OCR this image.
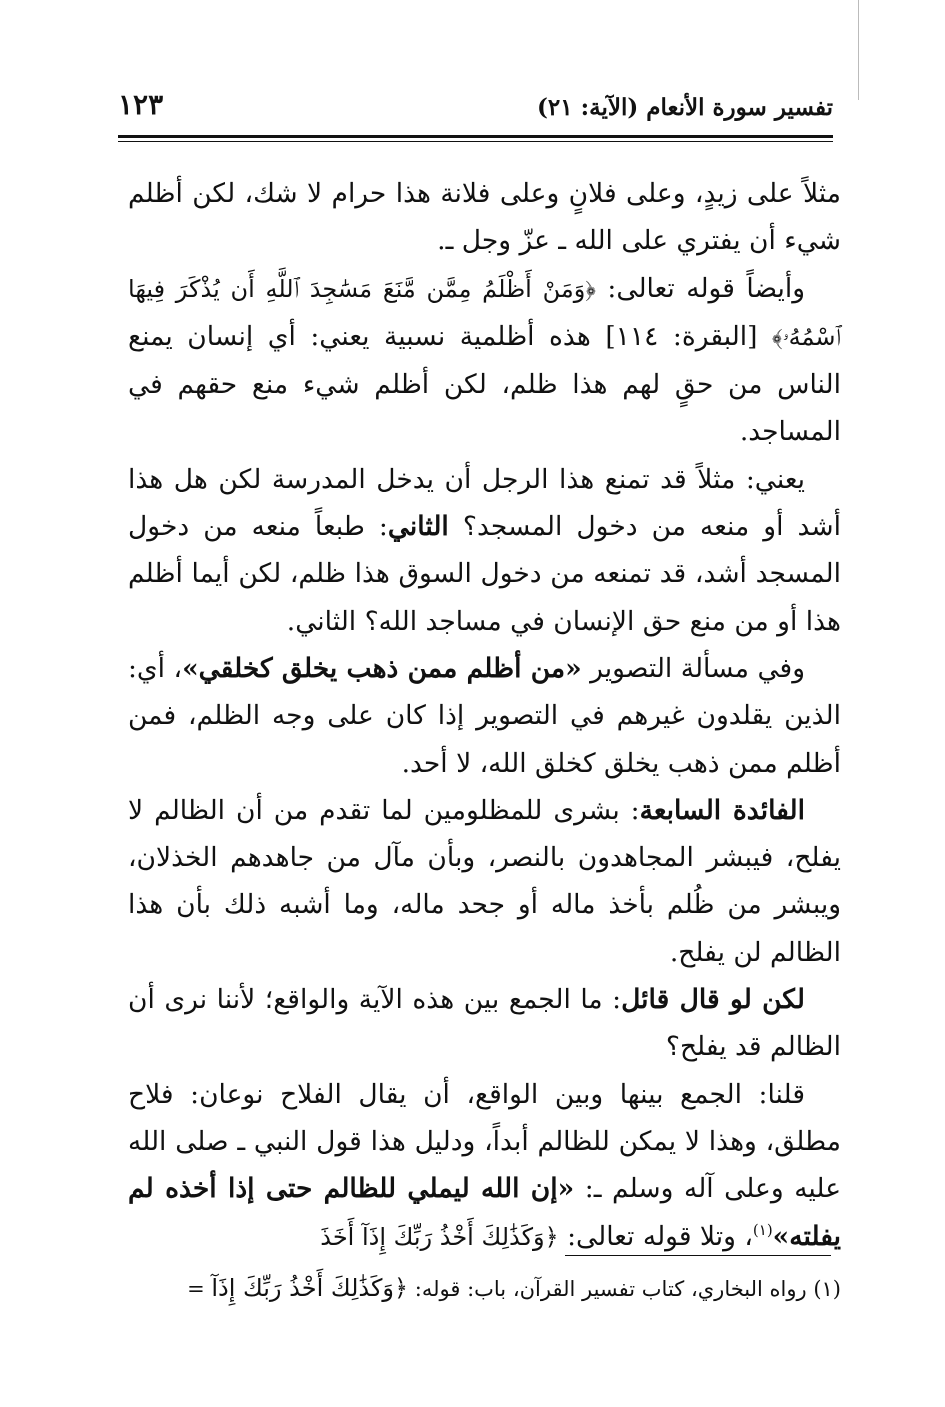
تفسير سورة الأنعام (الآية: ٢١)
١٢٣

مثلاً على زيدٍ، وعلى فلانٍ وعلى فلانة هذا حرام لا شك، لكن أظلم شيء أن يفتري على الله ـ عزّ وجل ـ.

وأيضاً قوله تعالى: ﴿وَمَنْ أَظْلَمُ مِمَّن مَّنَعَ مَسَٰجِدَ ٱللَّهِ أَن يُذْكَرَ فِيهَا ٱسْمُهُۥ﴾ [البقرة: ١١٤] هذه أظلمية نسبية يعني: أي إنسان يمنع الناس من حقٍ لهم هذا ظلم، لكن أظلم شيء منع حقهم في المساجد.

يعني: مثلاً قد تمنع هذا الرجل أن يدخل المدرسة لكن هل هذا أشد أو منعه من دخول المسجد؟ الثاني: طبعاً منعه من دخول المسجد أشد، قد تمنعه من دخول السوق هذا ظلم، لكن أيما أظلم هذا أو من منع حق الإنسان في مساجد الله؟ الثاني.

وفي مسألة التصوير «من أظلم ممن ذهب يخلق كخلقي»، أي: الذين يقلدون غيرهم في التصوير إذا كان على وجه الظلم، فمن أظلم ممن ذهب يخلق كخلق الله، لا أحد.

الفائدة السابعة: بشرى للمظلومين لما تقدم من أن الظالم لا يفلح، فيبشر المجاهدون بالنصر، وبأن مآل من جاهدهم الخذلان، ويبشر من ظُلم بأخذ ماله أو جحد ماله، وما أشبه ذلك بأن هذا الظالم لن يفلح.

لكن لو قال قائل: ما الجمع بين هذه الآية والواقع؛ لأننا نرى أن الظالم قد يفلح؟

قلنا: الجمع بينها وبين الواقع، أن يقال الفلاح نوعان: فلاح مطلق، وهذا لا يمكن للظالم أبداً، ودليل هذا قول النبي ـ صلى الله عليه وعلى آله وسلم ـ: «إن الله ليملي للظالم حتى إذا أخذه لم يفلته»$^{(١)}$، وتلا قوله تعالى: ﴿وَكَذَٰلِكَ أَخْذُ رَبِّكَ إِذَآ أَخَذَ

(١) رواه البخاري، كتاب تفسير القرآن، باب: قوله: ﴿وَكَذَٰلِكَ أَخْذُ رَبِّكَ إِذَآ =
